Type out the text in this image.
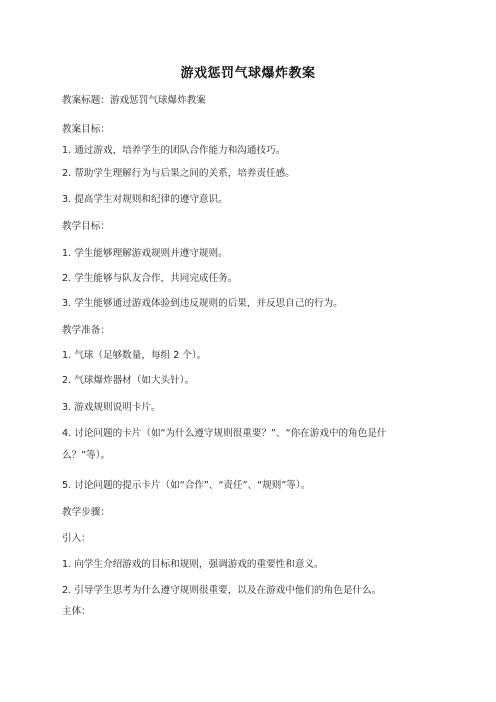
游戏惩罚气球爆炸教案
教案标题：游戏惩罚气球爆炸教案
教案目标：
1. 通过游戏，培养学生的团队合作能力和沟通技巧。
2. 帮助学生理解行为与后果之间的关系，培养责任感。
3. 提高学生对规则和纪律的遵守意识。
教学目标：
1. 学生能够理解游戏规则并遵守规则。
2. 学生能够与队友合作，共同完成任务。
3. 学生能够通过游戏体验到违反规则的后果，并反思自己的行为。
教学准备：
1. 气球（足够数量，每组 2 个）。
2. 气球爆炸器材（如大头针）。
3. 游戏规则说明卡片。
4. 讨论问题的卡片（如“为什么遵守规则很重要？”、“你在游戏中的角色是什么？”等）。
5. 讨论问题的提示卡片（如“合作”、“责任”、“规则”等）。
教学步骤：
引入：
1. 向学生介绍游戏的目标和规则，强调游戏的重要性和意义。
2. 引导学生思考为什么遵守规则很重要，以及在游戏中他们的角色是什么。
主体：
